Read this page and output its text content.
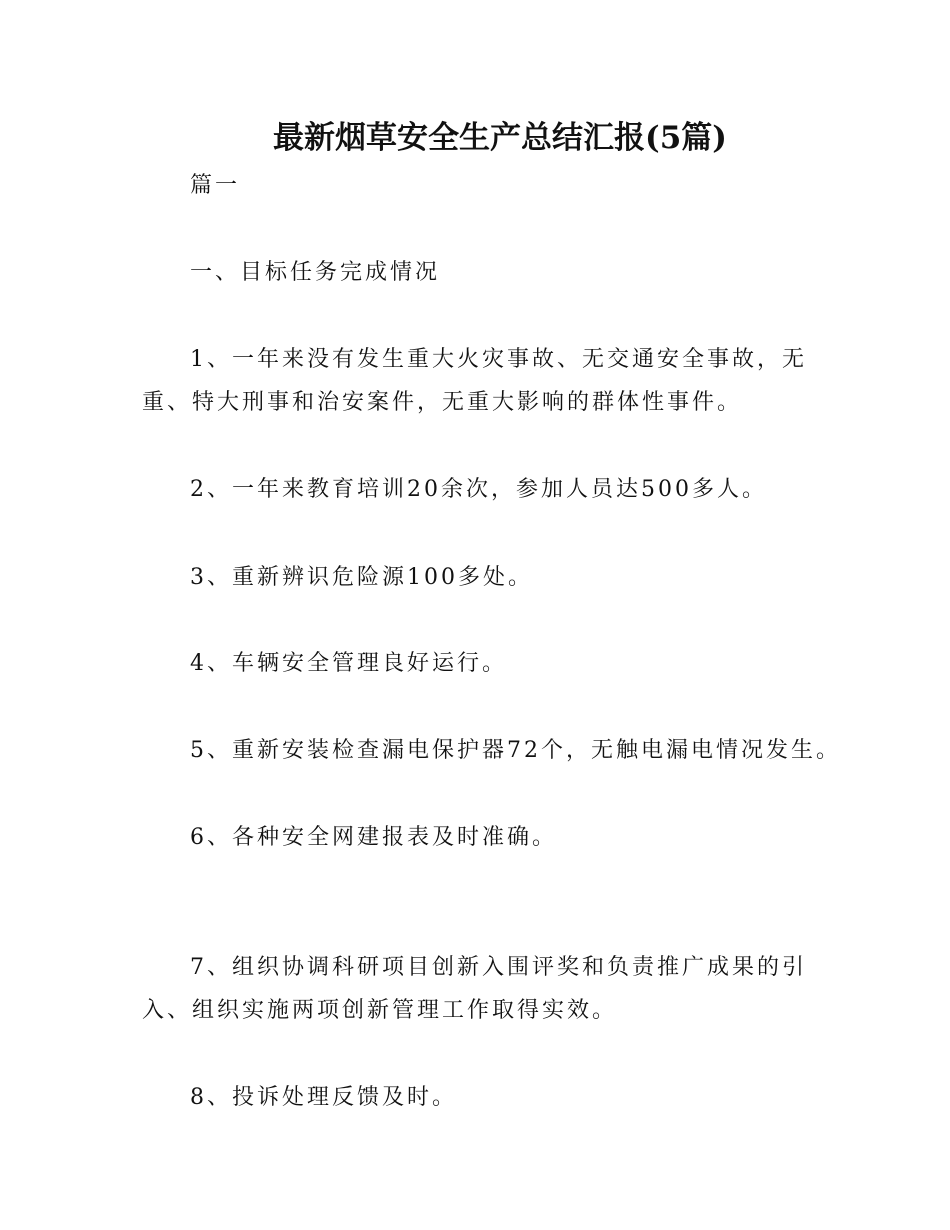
最新烟草安全生产总结汇报(5篇)

篇一

一、目标任务完成情况

1、一年来没有发生重大火灾事故、无交通安全事故，无

重、特大刑事和治安案件，无重大影响的群体性事件。

2、一年来教育培训20余次，参加人员达500多人。

3、重新辨识危险源100多处。

4、车辆安全管理良好运行。

5、重新安装检查漏电保护器72个，无触电漏电情况发生。

6、各种安全网建报表及时准确。

7、组织协调科研项目创新入围评奖和负责推广成果的引

入、组织实施两项创新管理工作取得实效。

8、投诉处理反馈及时。
